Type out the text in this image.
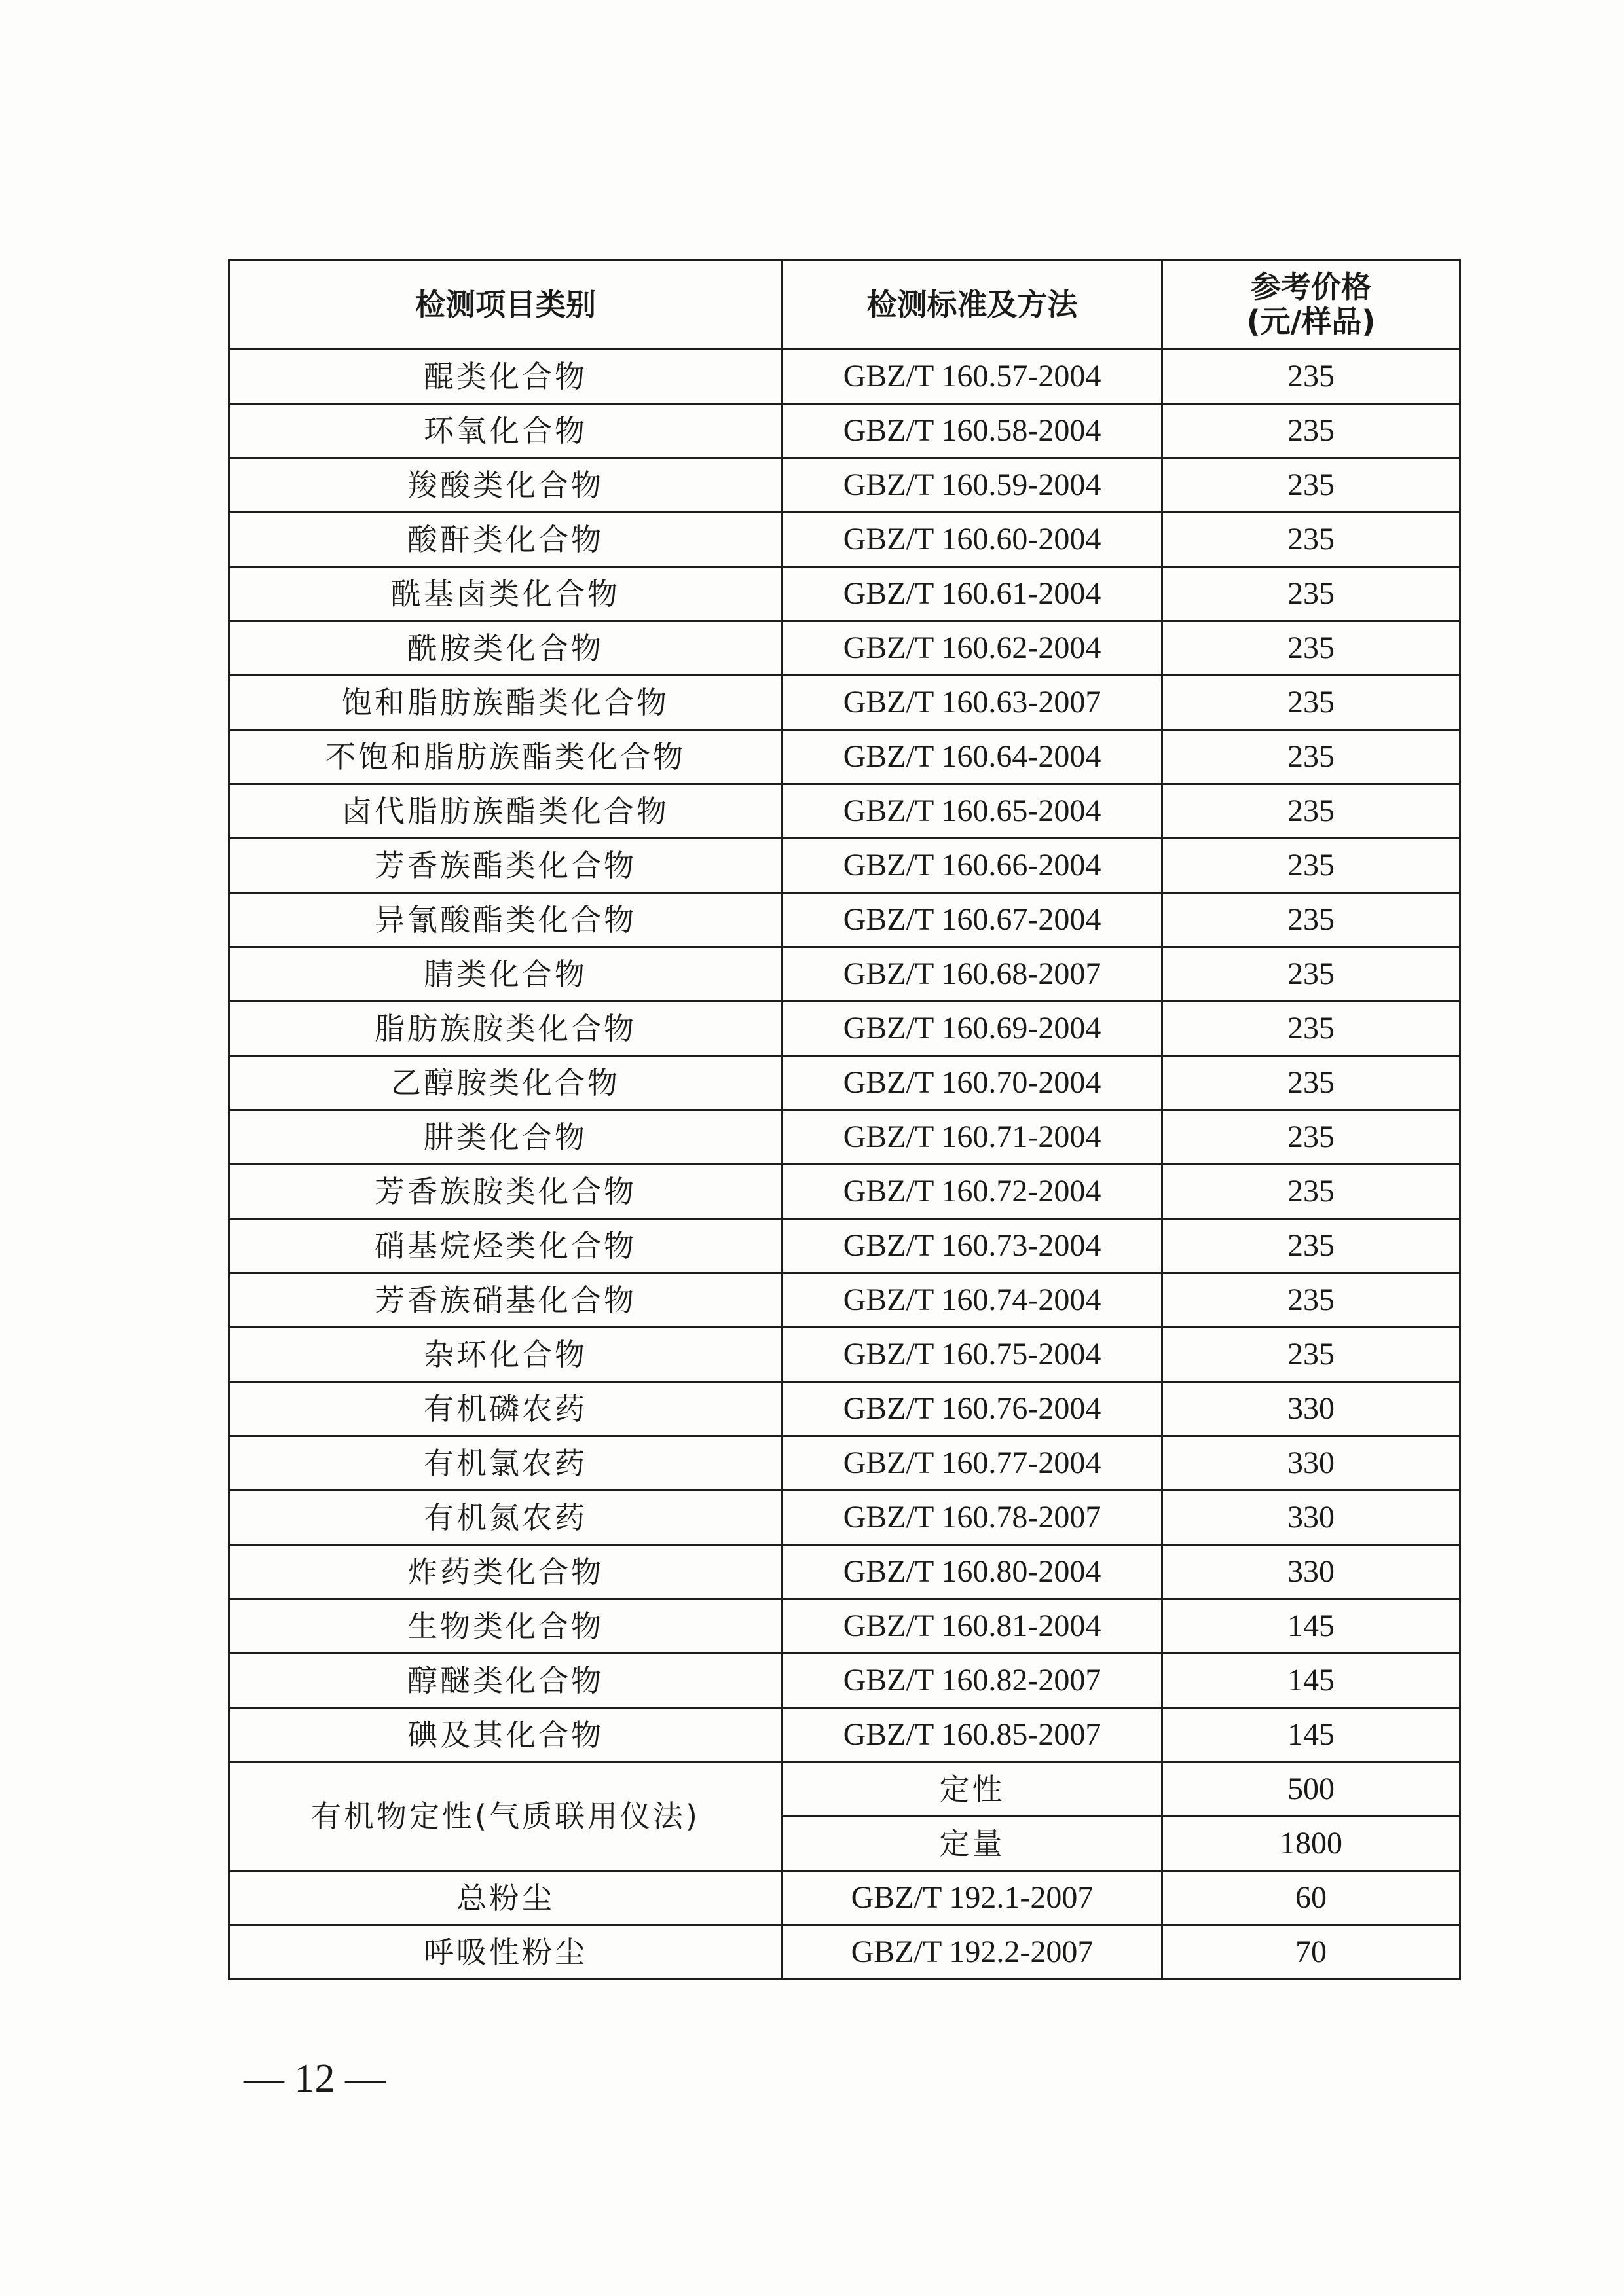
检测项目类别	检测标准及方法	参考价格
(元/样品)

醌类化合物	GBZ/T 160.57-2004	235
环氧化合物	GBZ/T 160.58-2004	235
羧酸类化合物	GBZ/T 160.59-2004	235
酸酐类化合物	GBZ/T 160.60-2004	235
酰基卤类化合物	GBZ/T 160.61-2004	235
酰胺类化合物	GBZ/T 160.62-2004	235
饱和脂肪族酯类化合物	GBZ/T 160.63-2007	235
不饱和脂肪族酯类化合物	GBZ/T 160.64-2004	235
卤代脂肪族酯类化合物	GBZ/T 160.65-2004	235
芳香族酯类化合物	GBZ/T 160.66-2004	235
异氰酸酯类化合物	GBZ/T 160.67-2004	235
腈类化合物	GBZ/T 160.68-2007	235
脂肪族胺类化合物	GBZ/T 160.69-2004	235
乙醇胺类化合物	GBZ/T 160.70-2004	235
肼类化合物	GBZ/T 160.71-2004	235
芳香族胺类化合物	GBZ/T 160.72-2004	235
硝基烷烃类化合物	GBZ/T 160.73-2004	235
芳香族硝基化合物	GBZ/T 160.74-2004	235
杂环化合物	GBZ/T 160.75-2004	235
有机磷农药	GBZ/T 160.76-2004	330
有机氯农药	GBZ/T 160.77-2004	330
有机氮农药	GBZ/T 160.78-2007	330
炸药类化合物	GBZ/T 160.80-2004	330
生物类化合物	GBZ/T 160.81-2004	145
醇醚类化合物	GBZ/T 160.82-2007	145
碘及其化合物	GBZ/T 160.85-2007	145
有机物定性(气质联用仪法)	定性	500
	定量	1800
总粉尘	GBZ/T 192.1-2007	60
呼吸性粉尘	GBZ/T 192.2-2007	70
— 12 —
